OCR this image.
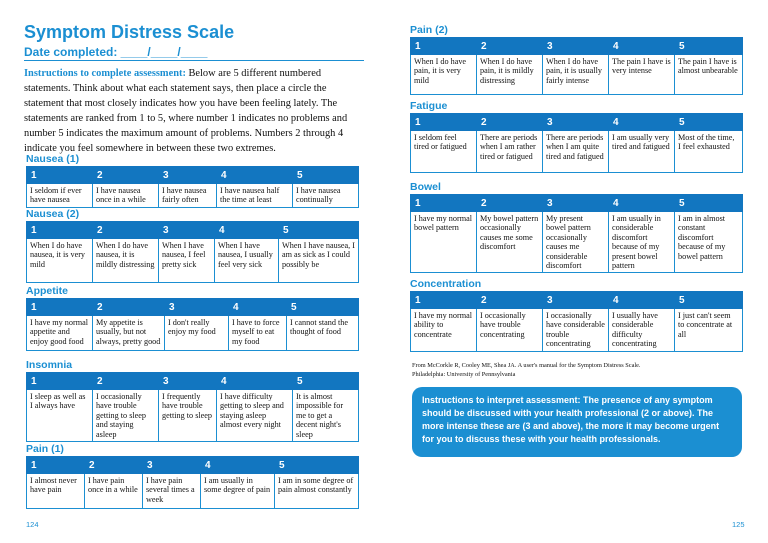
Symptom Distress Scale
Date completed: ____/____/____
Instructions to complete assessment: Below are 5 different numbered statements. Think about what each statement says, then place a circle the statement that most closely indicates how you have been feeling lately. The statements are ranked from 1 to 5, where number 1 indicates no problems and number 5 indicates the maximum amount of problems. Numbers 2 through 4 indicate you feel somewhere in between these two extremes.
Nausea (1)
1	2	3	4	5
I seldom if ever have nausea	I have nausea once in a while	I have nausea fairly often	I have nausea half the time at least	I have nausea continually
Nausea (2)
1	2	3	4	5
When I do have nausea, it is very mild	When I do have nausea, it is mildly distressing	When I have nausea, I feel pretty sick	When I have nausea, I usually feel very sick	When I have nausea, I am as sick as I could possibly be
Appetite
1	2	3	4	5
I have my normal appetite and enjoy good food	My appetite is usually, but not always, pretty good	I don't really enjoy my food	I have to force myself to eat my food	I cannot stand the thought of food
Insomnia
1	2	3	4	5
I sleep as well as I always have	I occasionally have trouble getting to sleep and staying asleep	I frequently have trouble getting to sleep	I have difficulty getting to sleep and staying asleep almost every night	It is almost impossible for me to get a decent night's sleep
Pain (1)
1	2	3	4	5
I almost never have pain	I have pain once in a while	I have pain several times a week	I am usually in some degree of pain	I am in some degree of pain almost constantly
124
Pain (2)
1	2	3	4	5
When I do have pain, it is very mild	When I do have pain, it is mildly distressing	When I do have pain, it is usually fairly intense	The pain I have is very intense	The pain I have is almost unbearable
Fatigue
1	2	3	4	5
I seldom feel tired or fatigued	There are periods when I am rather tired or fatigued	There are periods when I am quite tired and fatigued	I am usually very tired and fatigued	Most of the time, I feel exhausted
Bowel
1	2	3	4	5
I have my normal bowel pattern	My bowel pattern occasionally causes me some discomfort	My present bowel pattern occasionally causes me considerable discomfort	I am usually in considerable discomfort because of my present bowel pattern	I am in almost constant discomfort because of my bowel pattern
Concentration
1	2	3	4	5
I have my normal ability to concentrate	I occasionally have trouble concentrating	I occasionally have considerable trouble concentrating	I usually have considerable difficulty concentrating	I just can't seem to concentrate at all
From McCorkle R, Cooley ME, Shea JA. A user's manual for the Symptom Distress Scale.
Philadelphia: University of Pennsylvania
Instructions to interpret assessment: The presence of any symptom should be discussed with your health professional (2 or above). The more intense these are (3 and above), the more it may become urgent for you to discuss these with your health professionals.
125
